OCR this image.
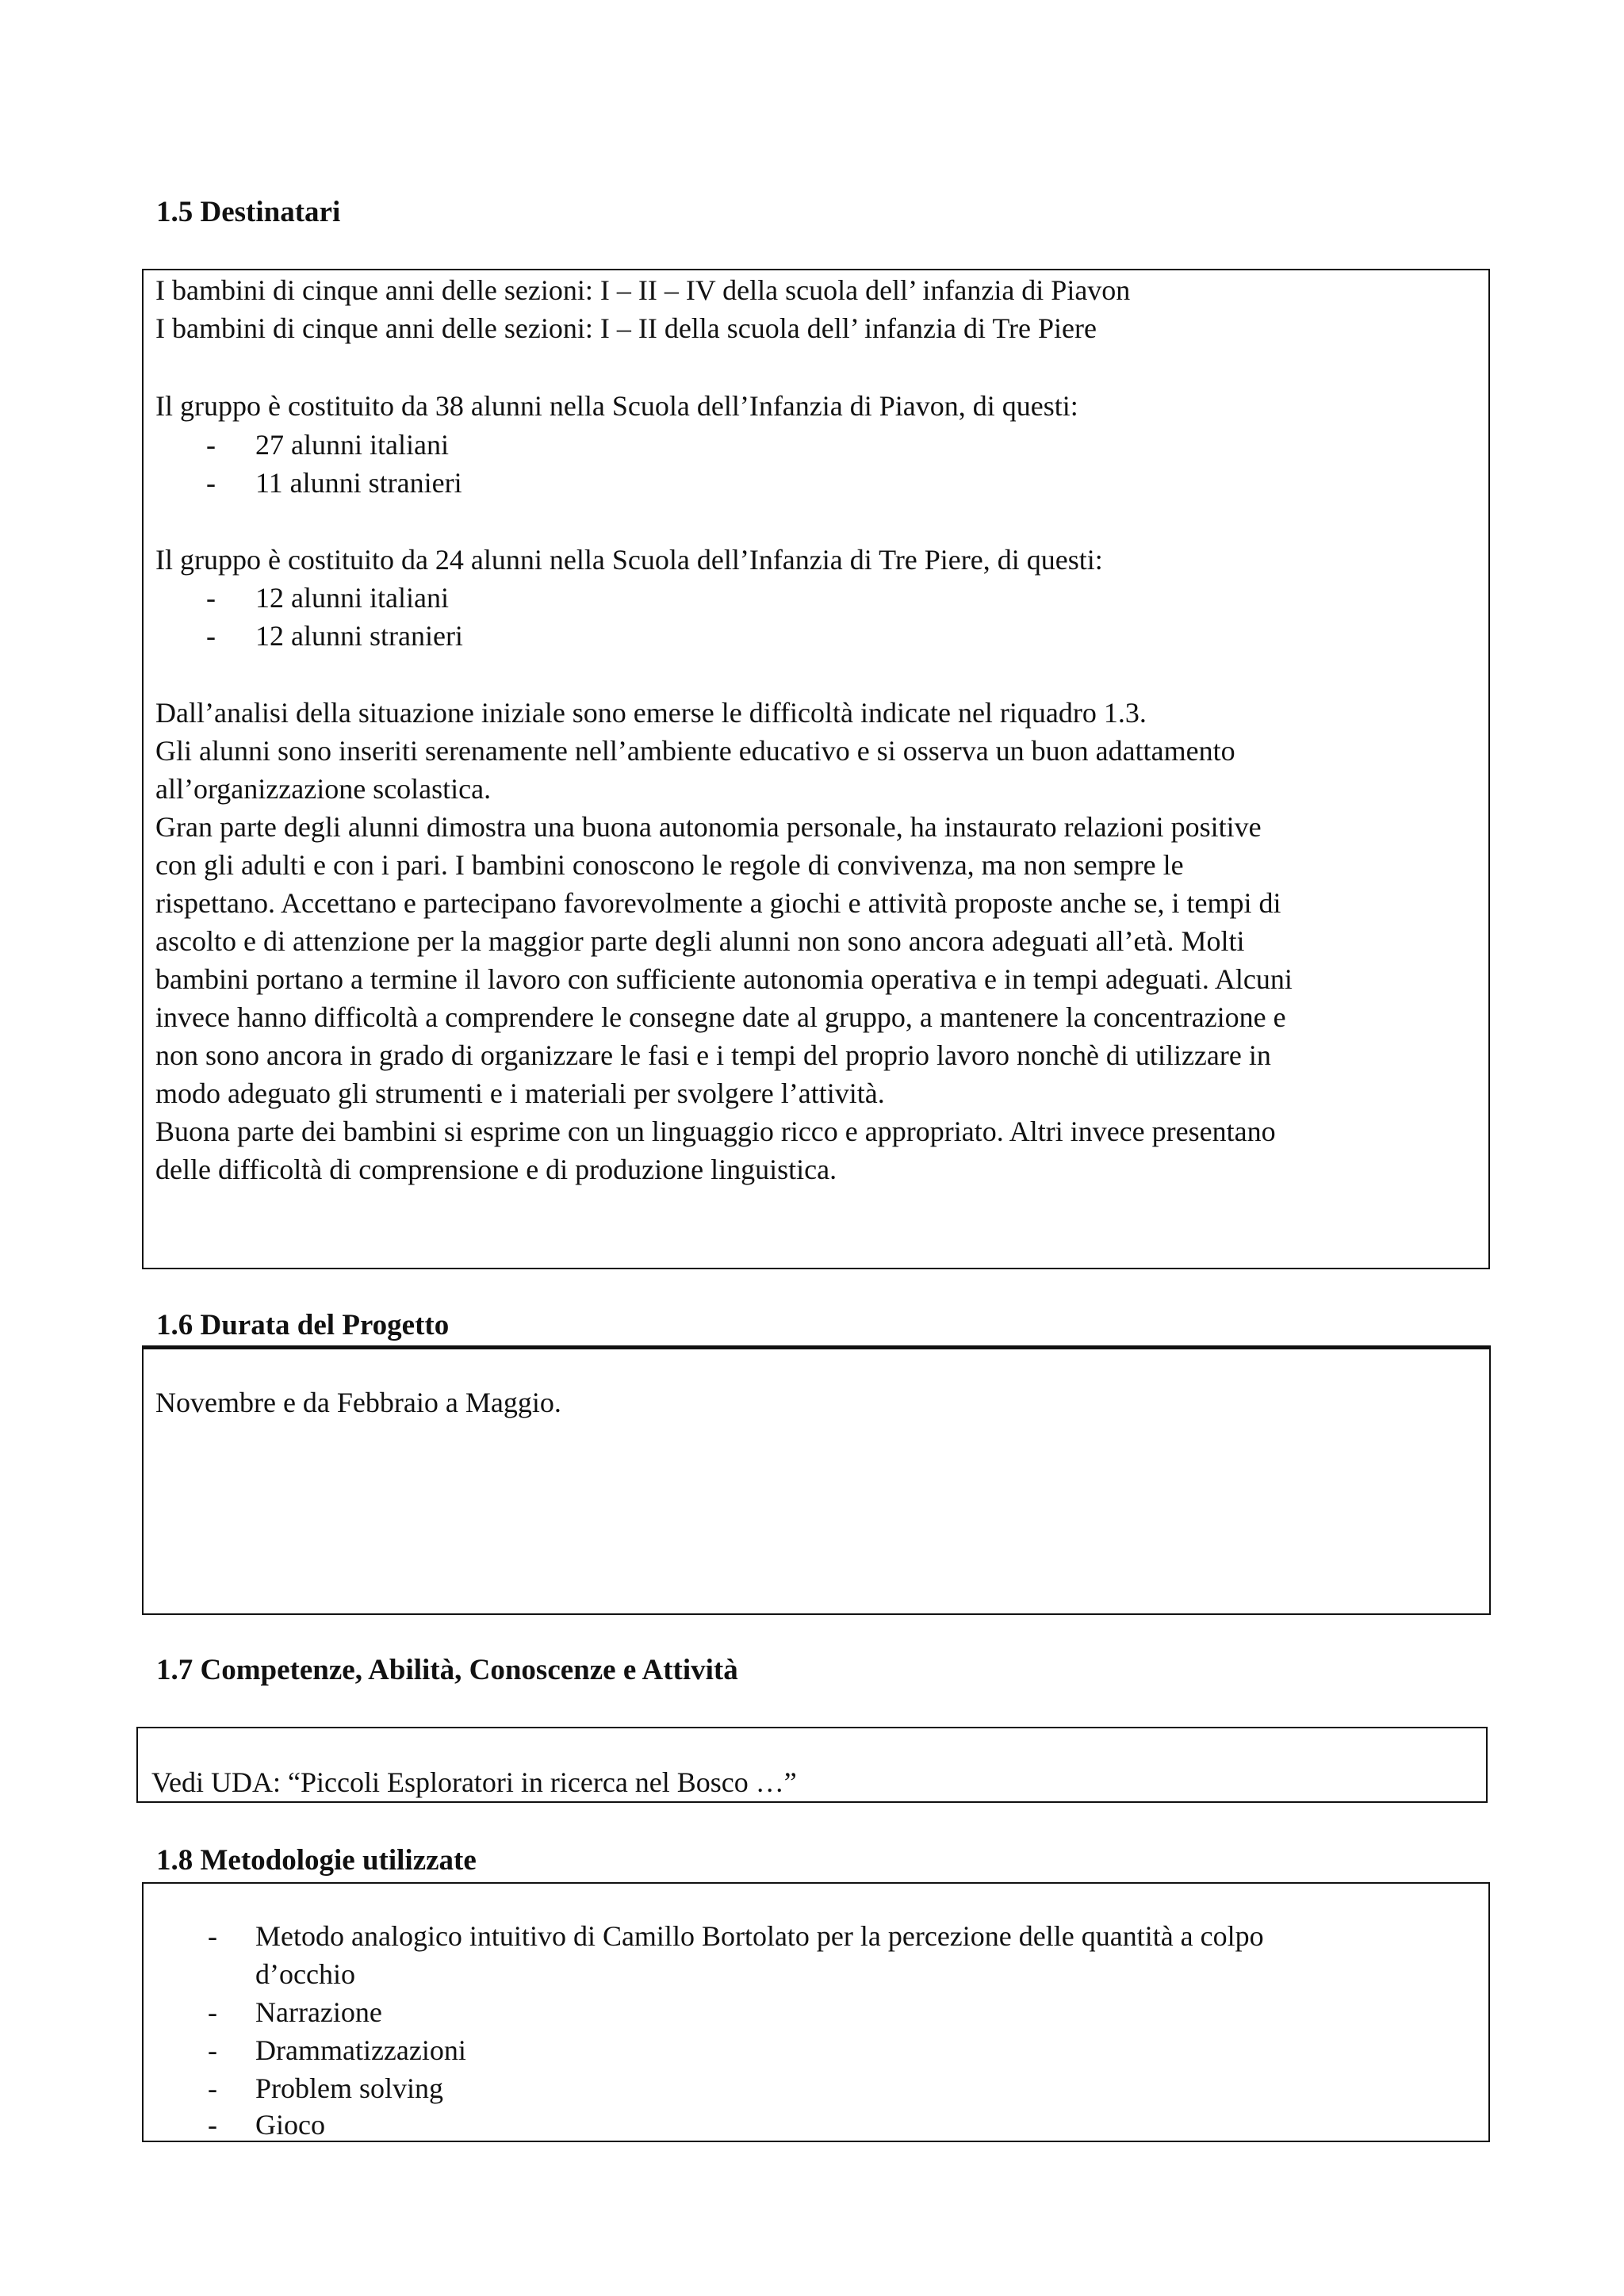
1.5 Destinatari
I bambini di cinque anni delle sezioni: I – II – IV della scuola dell’ infanzia di Piavon
I bambini di cinque anni delle sezioni: I – II della scuola dell’ infanzia di Tre Piere
Il gruppo è costituito da 38 alunni nella Scuola dell’Infanzia di Piavon, di questi:
- 27 alunni italiani
- 11 alunni stranieri
Il gruppo è costituito da 24 alunni nella Scuola dell’Infanzia di Tre Piere, di questi:
- 12 alunni italiani
- 12 alunni stranieri
Dall’analisi della situazione iniziale sono emerse le difficoltà indicate nel riquadro 1.3.
Gli alunni sono inseriti serenamente nell’ambiente educativo e si osserva un buon adattamento
all’organizzazione scolastica.
Gran parte degli alunni dimostra una buona autonomia personale, ha instaurato relazioni positive
con gli adulti e con i pari. I bambini conoscono le regole di convivenza, ma non sempre le
rispettano. Accettano e partecipano favorevolmente a giochi e attività proposte anche se, i tempi di
ascolto e di attenzione per la maggior parte degli alunni non sono ancora adeguati all’età. Molti
bambini portano a termine il lavoro con sufficiente autonomia operativa e in tempi adeguati. Alcuni
invece hanno difficoltà a comprendere le consegne date al gruppo, a mantenere la concentrazione e
non sono ancora in grado di organizzare le fasi e i tempi del proprio lavoro nonchè di utilizzare in
modo adeguato gli strumenti e i materiali per svolgere l’attività.
Buona parte dei bambini si esprime con un linguaggio ricco e appropriato. Altri invece presentano
delle difficoltà di comprensione e di produzione linguistica.
1.6 Durata del Progetto
Novembre e da Febbraio a Maggio.
1.7 Competenze, Abilità, Conoscenze e Attività
Vedi UDA: “Piccoli Esploratori in ricerca nel Bosco …”
1.8 Metodologie utilizzate
- Metodo analogico intuitivo di Camillo Bortolato per la percezione delle quantità a colpo
d’occhio
- Narrazione
- Drammatizzazioni
- Problem solving
- Gioco
